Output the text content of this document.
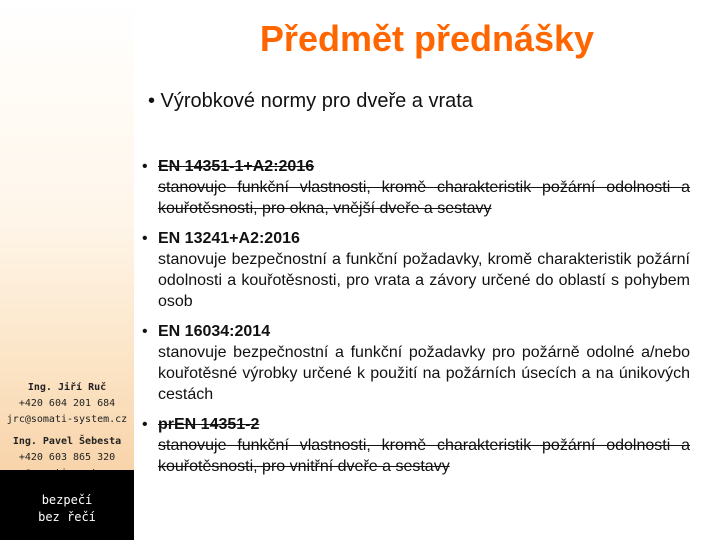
Ing. Jiří Ruč
+420 604 201 684
jrc@somati-system.cz
Ing. Pavel Šebesta
+420 603 865 320
bezpečí
bez řečí
Předmět přednášky
• Výrobkové normy pro dveře a vrata
• EN 14351-1+A2:2016
stanovuje funkční vlastnosti, kromě charakteristik požární odolnosti a kouřotěsnosti, pro okna, vnější dveře a sestavy
• EN 13241+A2:2016
stanovuje bezpečnostní a funkční požadavky, kromě charakteristik požární odolnosti a kouřotěsnosti, pro vrata a závory určené do oblastí s pohybem osob
• EN 16034:2014
stanovuje bezpečnostní a funkční požadavky pro požárně odolné a/nebo kouřotěsné výrobky určené k použití na požárních úsecích a na únikových cestách
• prEN 14351-2
stanovuje funkční vlastnosti, kromě charakteristik požární odolnosti a kouřotěsnosti, pro vnitřní dveře a sestavy
